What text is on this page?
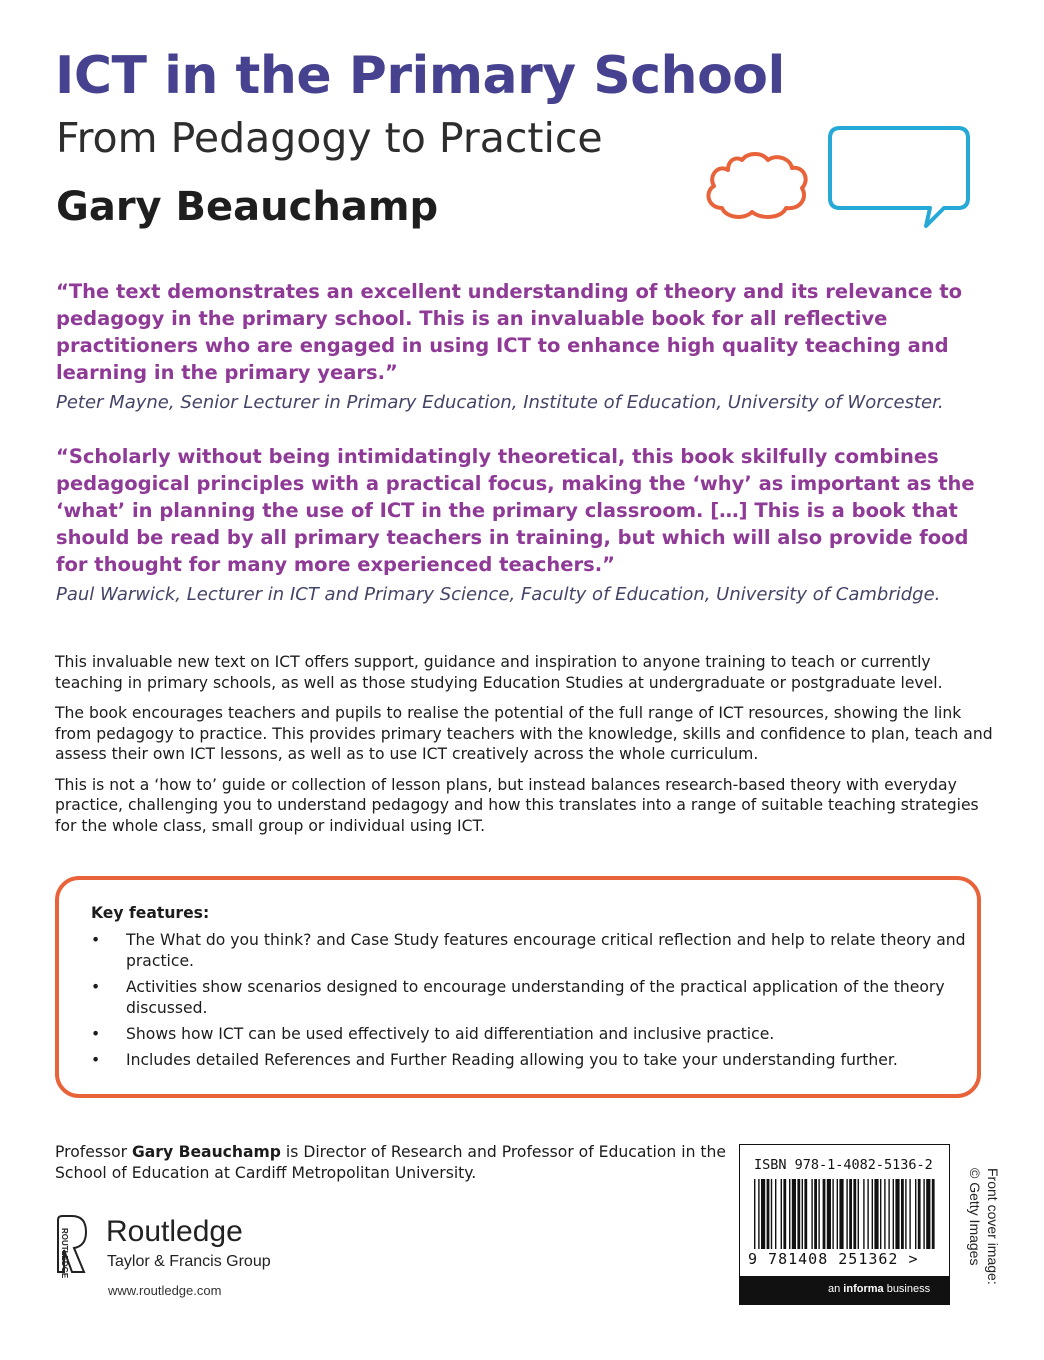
ICT in the Primary School
From Pedagogy to Practice
Gary Beauchamp

“The text demonstrates an excellent understanding of theory and its relevance to pedagogy in the primary school. This is an invaluable book for all reflective practitioners who are engaged in using ICT to enhance high quality teaching and learning in the primary years.”

Peter Mayne, Senior Lecturer in Primary Education, Institute of Education, University of Worcester.

“Scholarly without being intimidatingly theoretical, this book skilfully combines pedagogical principles with a practical focus, making the ‘why’ as important as the ‘what’ in planning the use of ICT in the primary classroom. […] This is a book that should be read by all primary teachers in training, but which will also provide food for thought for many more experienced teachers.”

Paul Warwick, Lecturer in ICT and Primary Science, Faculty of Education, University of Cambridge.

This invaluable new text on ICT offers support, guidance and inspiration to anyone training to teach or currently teaching in primary schools, as well as those studying Education Studies at undergraduate or postgraduate level.

The book encourages teachers and pupils to realise the potential of the full range of ICT resources, showing the link from pedagogy to practice. This provides primary teachers with the knowledge, skills and confidence to plan, teach and assess their own ICT lessons, as well as to use ICT creatively across the whole curriculum.

This is not a ‘how to’ guide or collection of lesson plans, but instead balances research-based theory with everyday practice, challenging you to understand pedagogy and how this translates into a range of suitable teaching strategies for the whole class, small group or individual using ICT.

Key features:

• The What do you think? and Case Study features encourage critical reflection and help to relate theory and practice.
• Activities show scenarios designed to encourage understanding of the practical application of the theory discussed.
• Shows how ICT can be used effectively to aid differentiation and inclusive practice.
• Includes detailed References and Further Reading allowing you to take your understanding further.

Professor Gary Beauchamp is Director of Research and Professor of Education in the School of Education at Cardiff Metropolitan University.

ROUTLEDGE Routledge

Taylor & Francis Group

www.routledge.com

ISBN 978-1-4082-5136-2

9 781408 251362 >

an informa business

Front cover image:
© Getty Images
